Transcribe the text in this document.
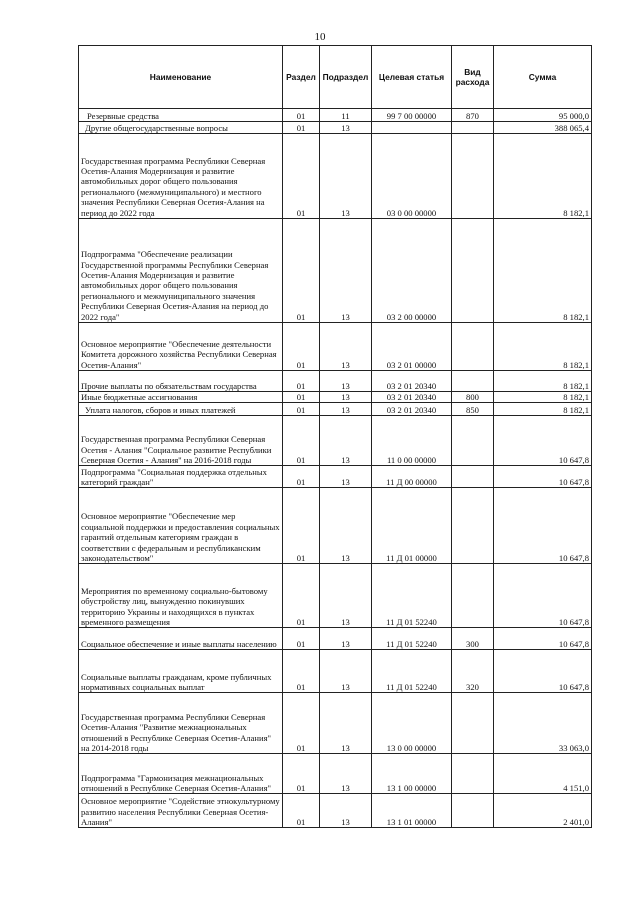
10
Наименование	Раздел	Подраздел	Целевая статья	Вид расхода	Сумма
Резервные средства	01	11	99 7 00 00000	870	95 000,0
Другие общегосударственные вопросы	01	13			388 065,4
Государственная программа Республики Северная Осетия-Алания Модернизация и развитие автомобильных дорог общего пользования регионального (межмуниципального) и местного значения Республики Северная Осетия-Алания на период до 2022 года	01	13	03 0 00 00000		8 182,1
Подпрограмма "Обеспечение реализации Государственной программы Республики Северная Осетия-Алания Модернизация и развитие автомобильных дорог общего пользования регионального и межмуниципального значения Республики Северная Осетия-Алания на период до 2022 года"	01	13	03 2 00 00000		8 182,1
Основное мероприятие "Обеспечение деятельности Комитета дорожного хозяйства Республики Северная Осетия-Алания"	01	13	03 2 01 00000		8 182,1
Прочие выплаты по обязательствам государства	01	13	03 2 01 20340		8 182,1
Иные бюджетные ассигнования	01	13	03 2 01 20340	800	8 182,1
Уплата налогов, сборов и иных платежей	01	13	03 2 01 20340	850	8 182,1
Государственная программа Республики Северная Осетия - Алания "Социальное развитие Республики Северная Осетия - Алания" на 2016-2018 годы	01	13	11 0 00 00000		10 647,8
Подпрограмма "Социальная поддержка отдельных категорий граждан"	01	13	11 Д 00 00000		10 647,8
Основное мероприятие "Обеспечение мер социальной поддержки и предоставления социальных гарантий отдельным категориям граждан в соответствии с федеральным и республиканским законодательством"	01	13	11 Д 01 00000		10 647,8
Мероприятия по временному социально-бытовому обустройству лиц, вынужденно покинувших территорию Украины и находящихся в пунктах временного размещения	01	13	11 Д 01 52240		10 647,8
Социальное обеспечение и иные выплаты населению	01	13	11 Д 01 52240	300	10 647,8
Социальные выплаты гражданам, кроме публичных нормативных социальных выплат	01	13	11 Д 01 52240	320	10 647,8
Государственная программа Республики Северная Осетия-Алания "Развитие межнациональных отношений в Республике Северная Осетия-Алания" на 2014-2018 годы	01	13	13 0 00 00000		33 063,0
Подпрограмма "Гармонизация межнациональных отношений в Республике Северная Осетия-Алания"	01	13	13 1 00 00000		4 151,0
Основное мероприятие "Содействие этнокультурному развитию населения Республики Северная Осетия-Алания"	01	13	13 1 01 00000		2 401,0
